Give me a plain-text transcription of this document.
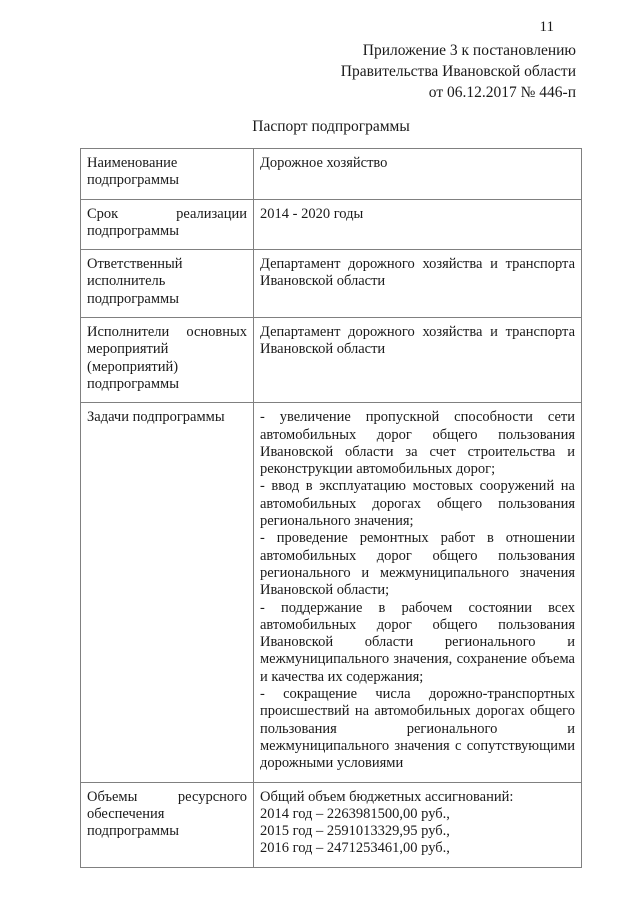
11
Приложение 3 к постановлению
Правительства Ивановской области
от 06.12.2017 № 446-п
Паспорт подпрограммы
Наименование подпрограммы	Дорожное хозяйство

Срок реализации подпрограммы	2014 - 2020 годы

Ответственный исполнитель подпрограммы	Департамент дорожного хозяйства и транспорта Ивановской области

Исполнители основных мероприятий (мероприятий) подпрограммы	Департамент дорожного хозяйства и транспорта Ивановской области

Задачи подпрограммы	- увеличение пропускной способности сети автомобильных дорог общего пользования Ивановской области за счет строительства и реконструкции автомобильных дорог;
- ввод в эксплуатацию мостовых сооружений на автомобильных дорогах общего пользования регионального значения;
- проведение ремонтных работ в отношении автомобильных дорог общего пользования регионального и межмуниципального значения Ивановской области;
- поддержание в рабочем состоянии всех автомобильных дорог общего пользования Ивановской области регионального и межмуниципального значения, сохранение объема и качества их содержания;
- сокращение числа дорожно-транспортных происшествий на автомобильных дорогах общего пользования регионального и межмуниципального значения с сопутствующими дорожными условиями

Объемы ресурсного обеспечения подпрограммы	Общий объем бюджетных ассигнований:
2014 год – 2263981500,00 руб.,
2015 год – 2591013329,95 руб.,
2016 год – 2471253461,00 руб.,
